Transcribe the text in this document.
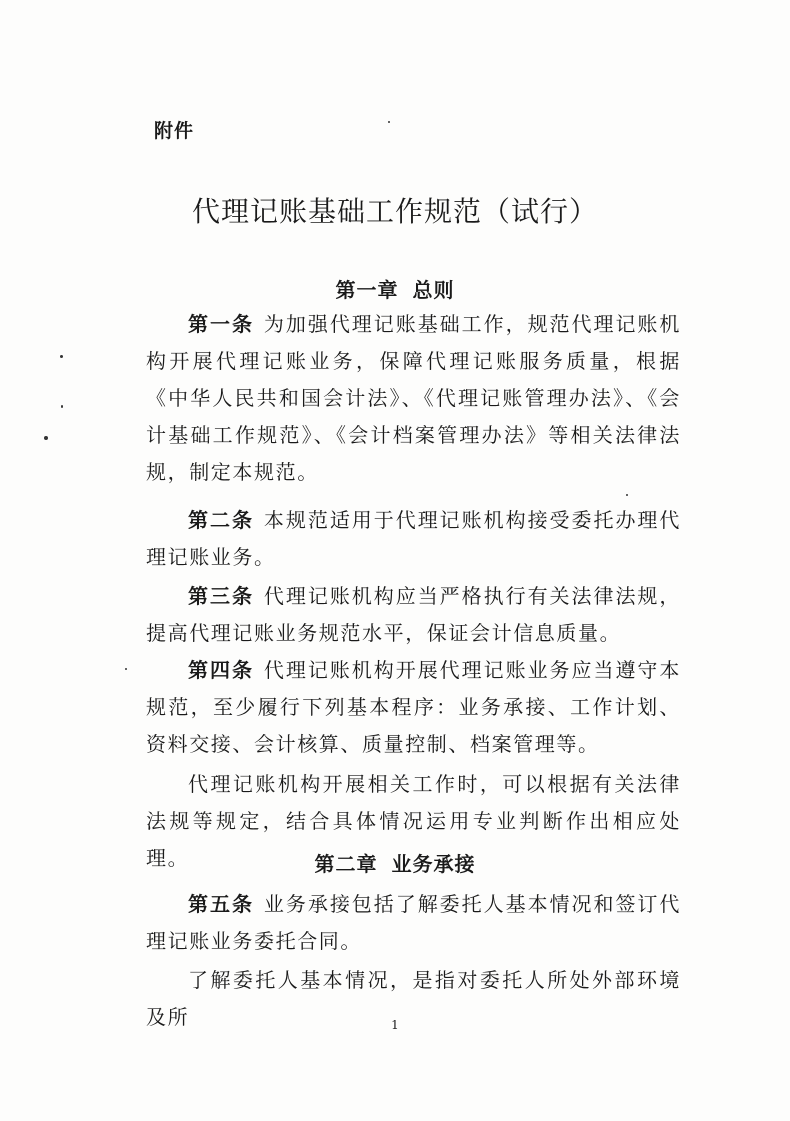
附件
代理记账基础工作规范（试行）
第一章 总则
第一条 为加强代理记账基础工作，规范代理记账机构开展代理记账业务，保障代理记账服务质量，根据《中华人民共和国会计法》、《代理记账管理办法》、《会计基础工作规范》、《会计档案管理办法》等相关法律法规，制定本规范。
第二条 本规范适用于代理记账机构接受委托办理代理记账业务。
第三条 代理记账机构应当严格执行有关法律法规，提高代理记账业务规范水平，保证会计信息质量。
第四条 代理记账机构开展代理记账业务应当遵守本规范，至少履行下列基本程序：业务承接、工作计划、资料交接、会计核算、质量控制、档案管理等。
代理记账机构开展相关工作时，可以根据有关法律法规等规定，结合具体情况运用专业判断作出相应处理。	第二章 业务承接
第五条 业务承接包括了解委托人基本情况和签订代理记账业务委托合同。
了解委托人基本情况，是指对委托人所处外部环境及所	1
